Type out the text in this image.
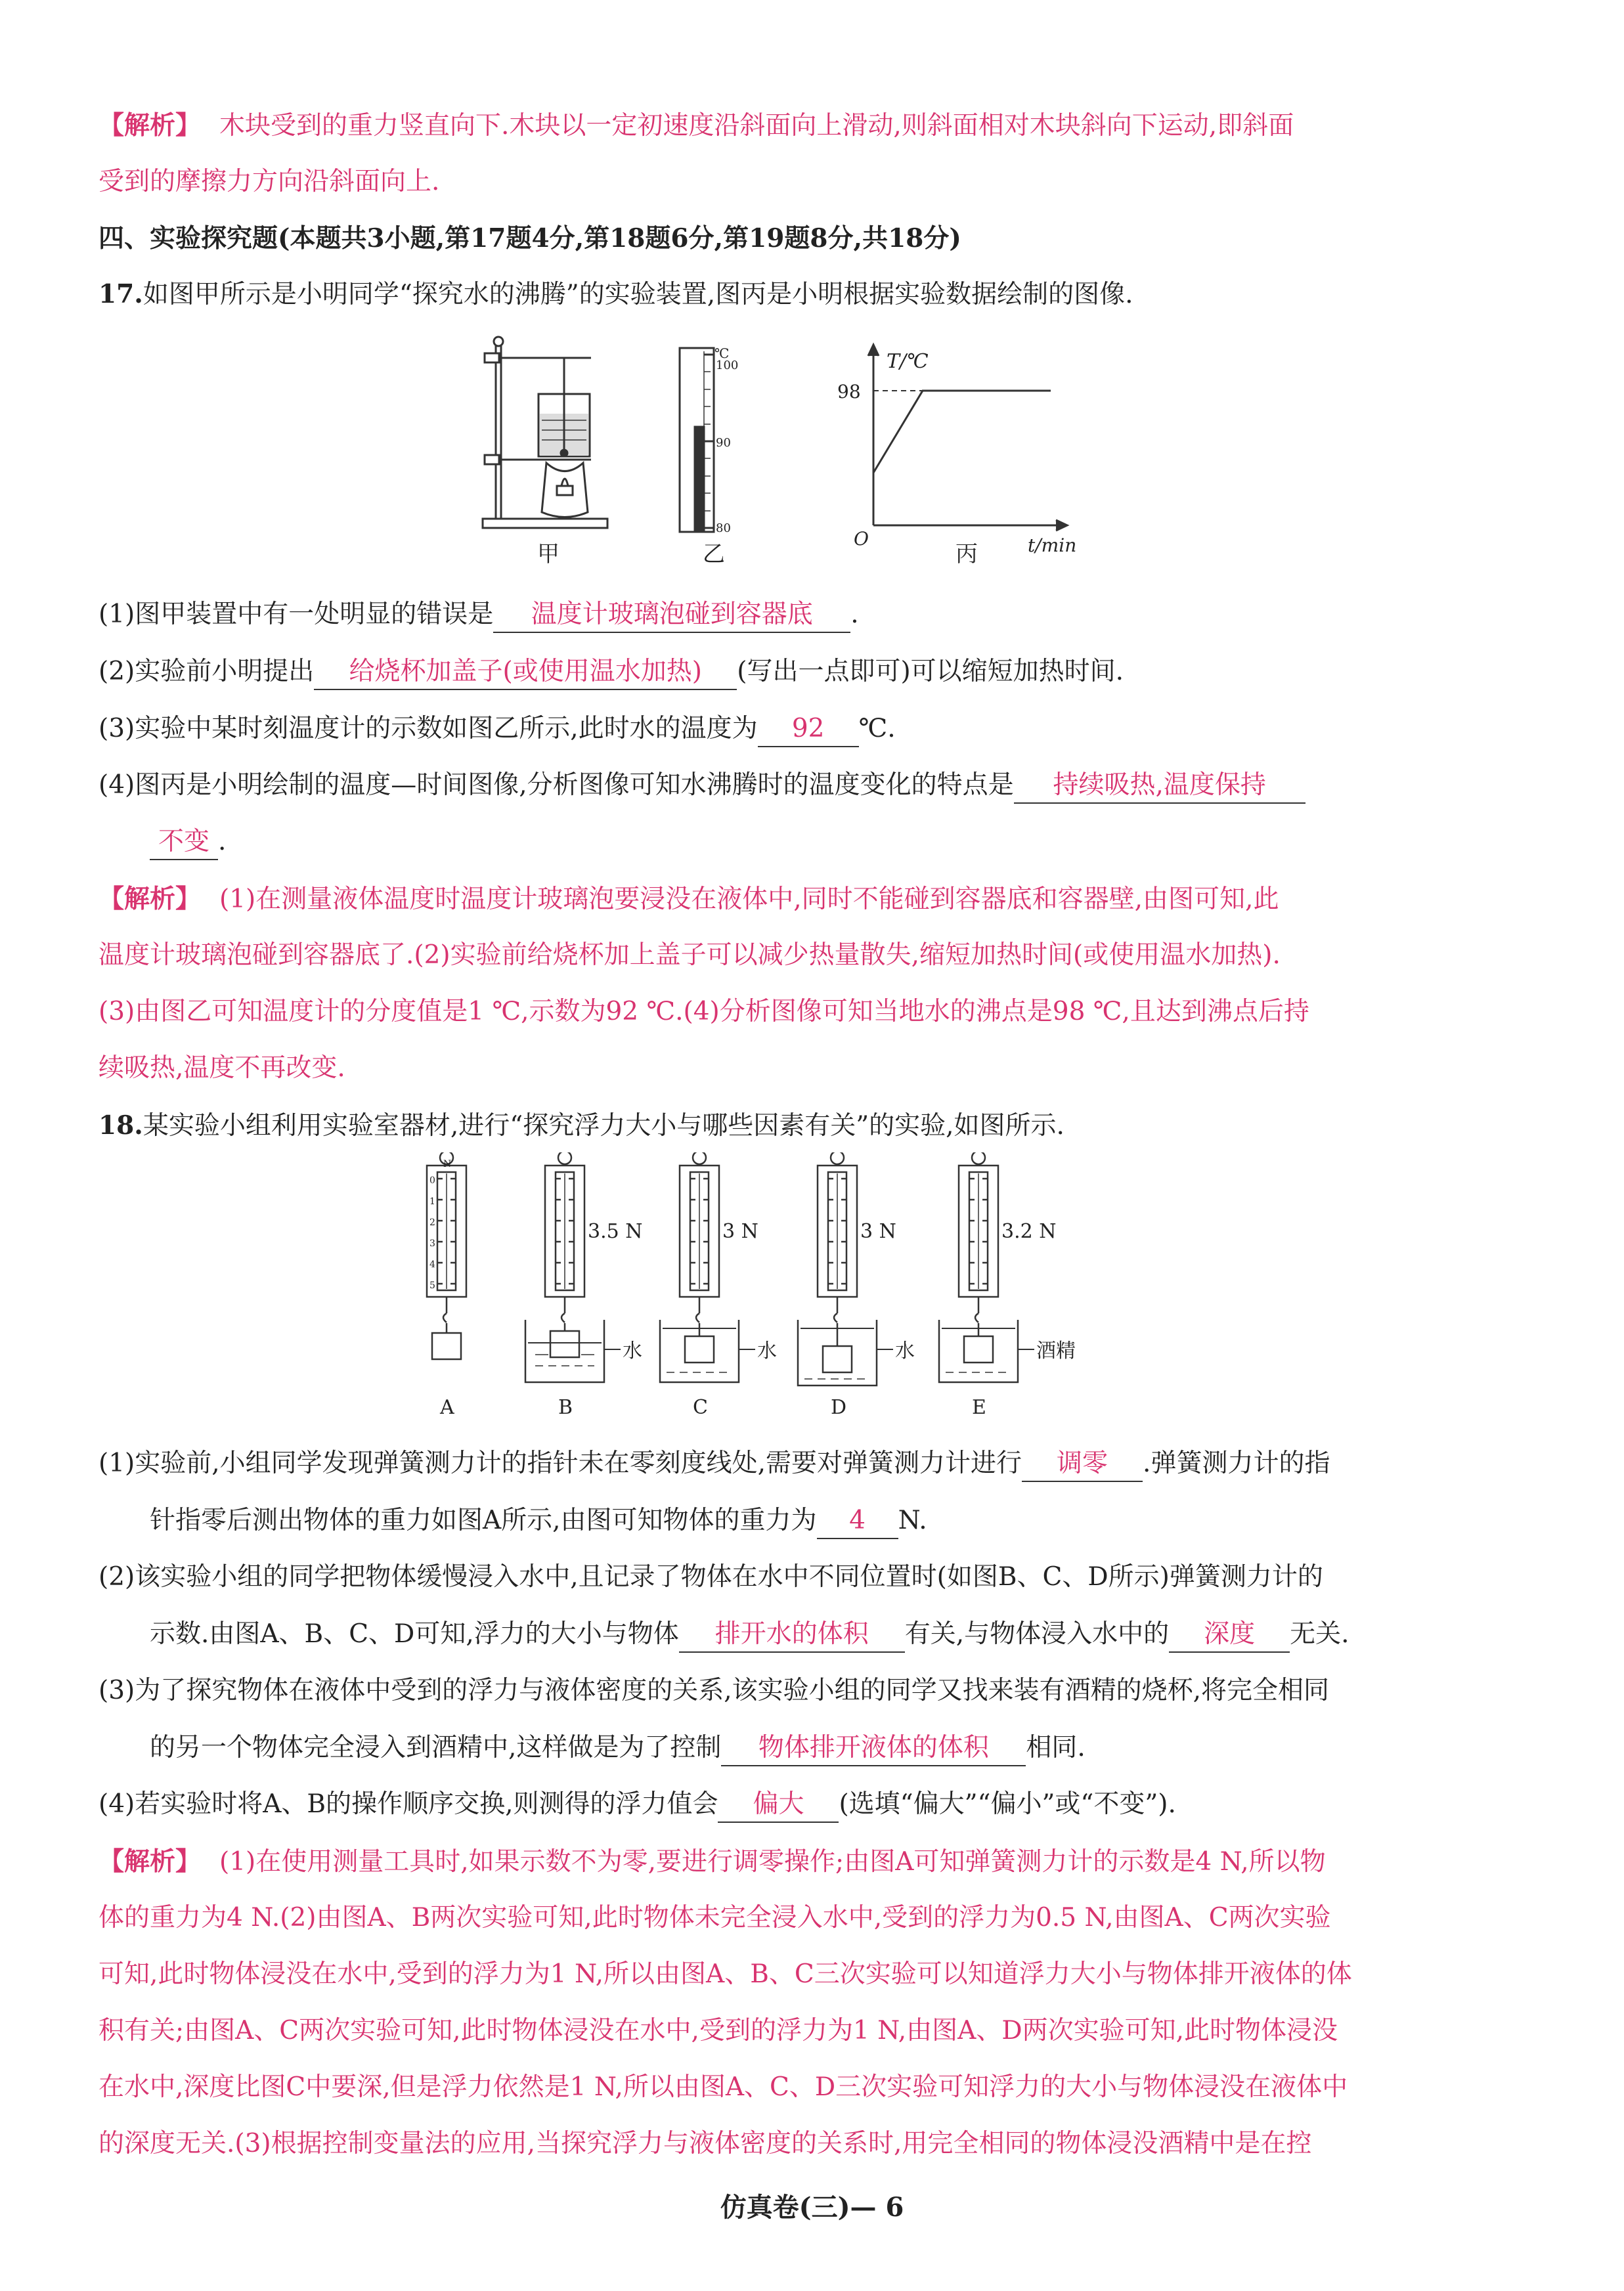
【解析】 木块受到的重力竖直向下.木块以一定初速度沿斜面向上滑动,则斜面相对木块斜向下运动,即斜面
受到的摩擦力方向沿斜面向上.
四、实验探究题(本题共3小题,第17题4分,第18题6分,第19题8分,共18分)
17.如图甲所示是小明同学“探究水的沸腾”的实验装置,图丙是小明根据实验数据绘制的图像.
甲
℃
100
90
80
乙
T/℃
98
O	t/min
丙
(1)图甲装置中有一处明显的错误是 温度计玻璃泡碰到容器底 .
(2)实验前小明提出 给烧杯加盖子(或使用温水加热) (写出一点即可)可以缩短加热时间.
(3)实验中某时刻温度计的示数如图乙所示,此时水的温度为 92 ℃.
(4)图丙是小明绘制的温度—时间图像,分析图像可知水沸腾时的温度变化的特点是 持续吸热,温度保持
不变 .
【解析】 (1)在测量液体温度时温度计玻璃泡要浸没在液体中,同时不能碰到容器底和容器壁,由图可知,此
温度计玻璃泡碰到容器底了.(2)实验前给烧杯加上盖子可以减少热量散失,缩短加热时间(或使用温水加热).
(3)由图乙可知温度计的分度值是1 ℃,示数为92 ℃.(4)分析图像可知当地水的沸点是98 ℃,且达到沸点后持
续吸热,温度不再改变.
18.某实验小组利用实验室器材,进行“探究浮力大小与哪些因素有关”的实验,如图所示.
0
1
2
3
4
5
N
3.5 N	3 N	3 N	3.2 N
水	水	水	酒精
A	B	C	D	E
(1)实验前,小组同学发现弹簧测力计的指针未在零刻度线处,需要对弹簧测力计进行 调零 .弹簧测力计的指
针指零后测出物体的重力如图A所示,由图可知物体的重力为 4 N.
(2)该实验小组的同学把物体缓慢浸入水中,且记录了物体在水中不同位置时(如图B、C、D所示)弹簧测力计的
示数.由图A、B、C、D可知,浮力的大小与物体 排开水的体积 有关,与物体浸入水中的 深度 无关.
(3)为了探究物体在液体中受到的浮力与液体密度的关系,该实验小组的同学又找来装有酒精的烧杯,将完全相同
的另一个物体完全浸入到酒精中,这样做是为了控制 物体排开液体的体积 相同.
(4)若实验时将A、B的操作顺序交换,则测得的浮力值会 偏大 (选填“偏大”“偏小”或“不变”).
【解析】 (1)在使用测量工具时,如果示数不为零,要进行调零操作;由图A可知弹簧测力计的示数是4 N,所以物
体的重力为4 N.(2)由图A、B两次实验可知,此时物体未完全浸入水中,受到的浮力为0.5 N,由图A、C两次实验
可知,此时物体浸没在水中,受到的浮力为1 N,所以由图A、B、C三次实验可以知道浮力大小与物体排开液体的体
积有关;由图A、C两次实验可知,此时物体浸没在水中,受到的浮力为1 N,由图A、D两次实验可知,此时物体浸没
在水中,深度比图C中要深,但是浮力依然是1 N,所以由图A、C、D三次实验可知浮力的大小与物体浸没在液体中
的深度无关.(3)根据控制变量法的应用,当探究浮力与液体密度的关系时,用完全相同的物体浸没酒精中是在控
仿真卷(三)— 6
